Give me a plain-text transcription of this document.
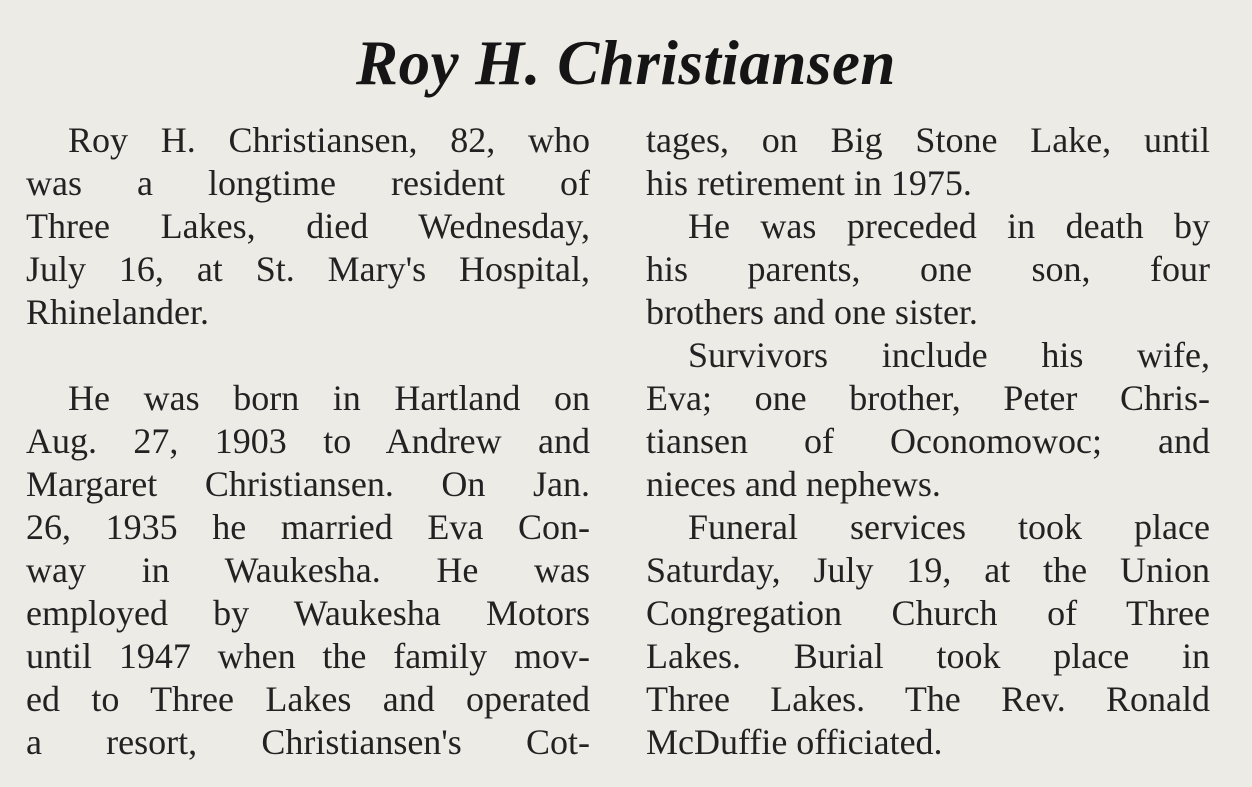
Roy H. Christiansen

Roy H. Christiansen, 82, who
was a longtime resident of
Three Lakes, died Wednesday,
July 16, at St. Mary's Hospital,
Rhinelander.

He was born in Hartland on
Aug. 27, 1903 to Andrew and
Margaret Christiansen. On Jan.
26, 1935 he married Eva Con-
way in Waukesha. He was
employed by Waukesha Motors
until 1947 when the family mov-
ed to Three Lakes and operated
a resort, Christiansen's Cot-

tages, on Big Stone Lake, until
his retirement in 1975.

He was preceded in death by
his parents, one son, four
brothers and one sister.

Survivors include his wife,
Eva; one brother, Peter Chris-
tiansen of Oconomowoc; and
nieces and nephews.

Funeral services took place
Saturday, July 19, at the Union
Congregation Church of Three
Lakes. Burial took place in
Three Lakes. The Rev. Ronald
McDuffie officiated.
